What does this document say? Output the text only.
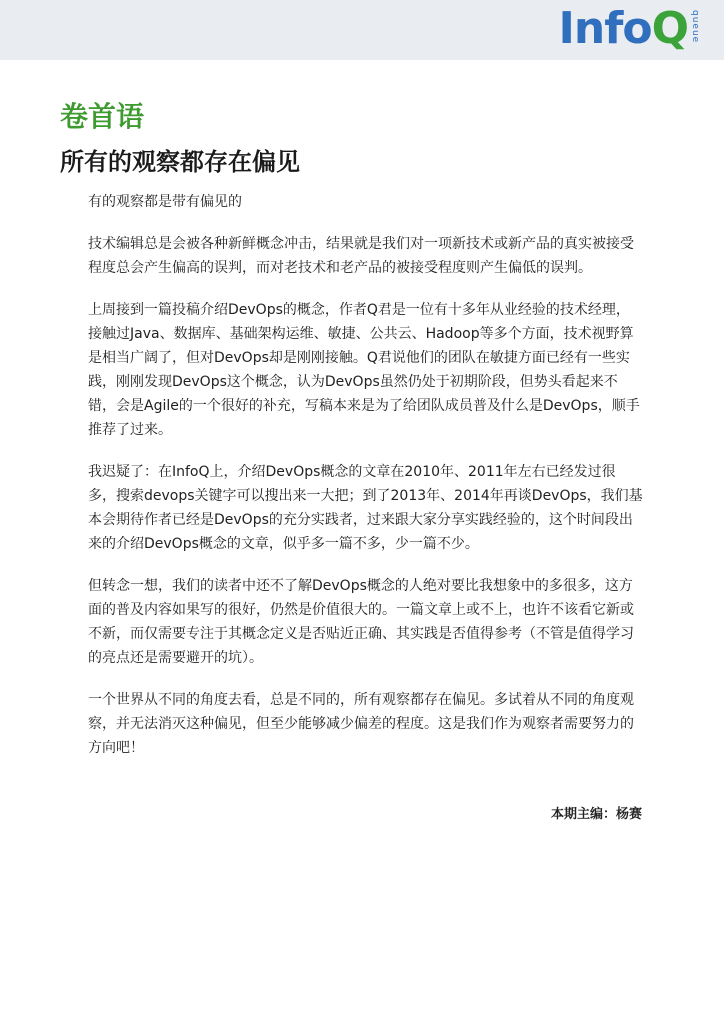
Info Q queue
卷首语
所有的观察都存在偏见

有的观察都是带有偏见的

技术编辑总是会被各种新鲜概念冲击，结果就是我们对一项新技术或新产品的真实被接受程度总会产生偏高的误判，而对老技术和老产品的被接受程度则产生偏低的误判。

上周接到一篇投稿介绍DevOps的概念，作者Q君是一位有十多年从业经验的技术经理，接触过Java、数据库、基础架构运维、敏捷、公共云、Hadoop等多个方面，技术视野算是相当广阔了，但对DevOps却是刚刚接触。Q君说他们的团队在敏捷方面已经有一些实践，刚刚发现DevOps这个概念，认为DevOps虽然仍处于初期阶段，但势头看起来不错，会是Agile的一个很好的补充，写稿本来是为了给团队成员普及什么是DevOps，顺手推荐了过来。

我迟疑了：在InfoQ上，介绍DevOps概念的文章在2010年、2011年左右已经发过很多，搜索devops关键字可以搜出来一大把；到了2013年、2014年再谈DevOps，我们基本会期待作者已经是DevOps的充分实践者，过来跟大家分享实践经验的，这个时间段出来的介绍DevOps概念的文章，似乎多一篇不多，少一篇不少。

但转念一想，我们的读者中还不了解DevOps概念的人绝对要比我想象中的多很多，这方面的普及内容如果写的很好，仍然是价值很大的。一篇文章上或不上，也许不该看它新或不新，而仅需要专注于其概念定义是否贴近正确、其实践是否值得参考（不管是值得学习的亮点还是需要避开的坑）。

一个世界从不同的角度去看，总是不同的，所有观察都存在偏见。多试着从不同的角度观察，并无法消灭这种偏见，但至少能够减少偏差的程度。这是我们作为观察者需要努力的方向吧！

本期主编：杨赛
